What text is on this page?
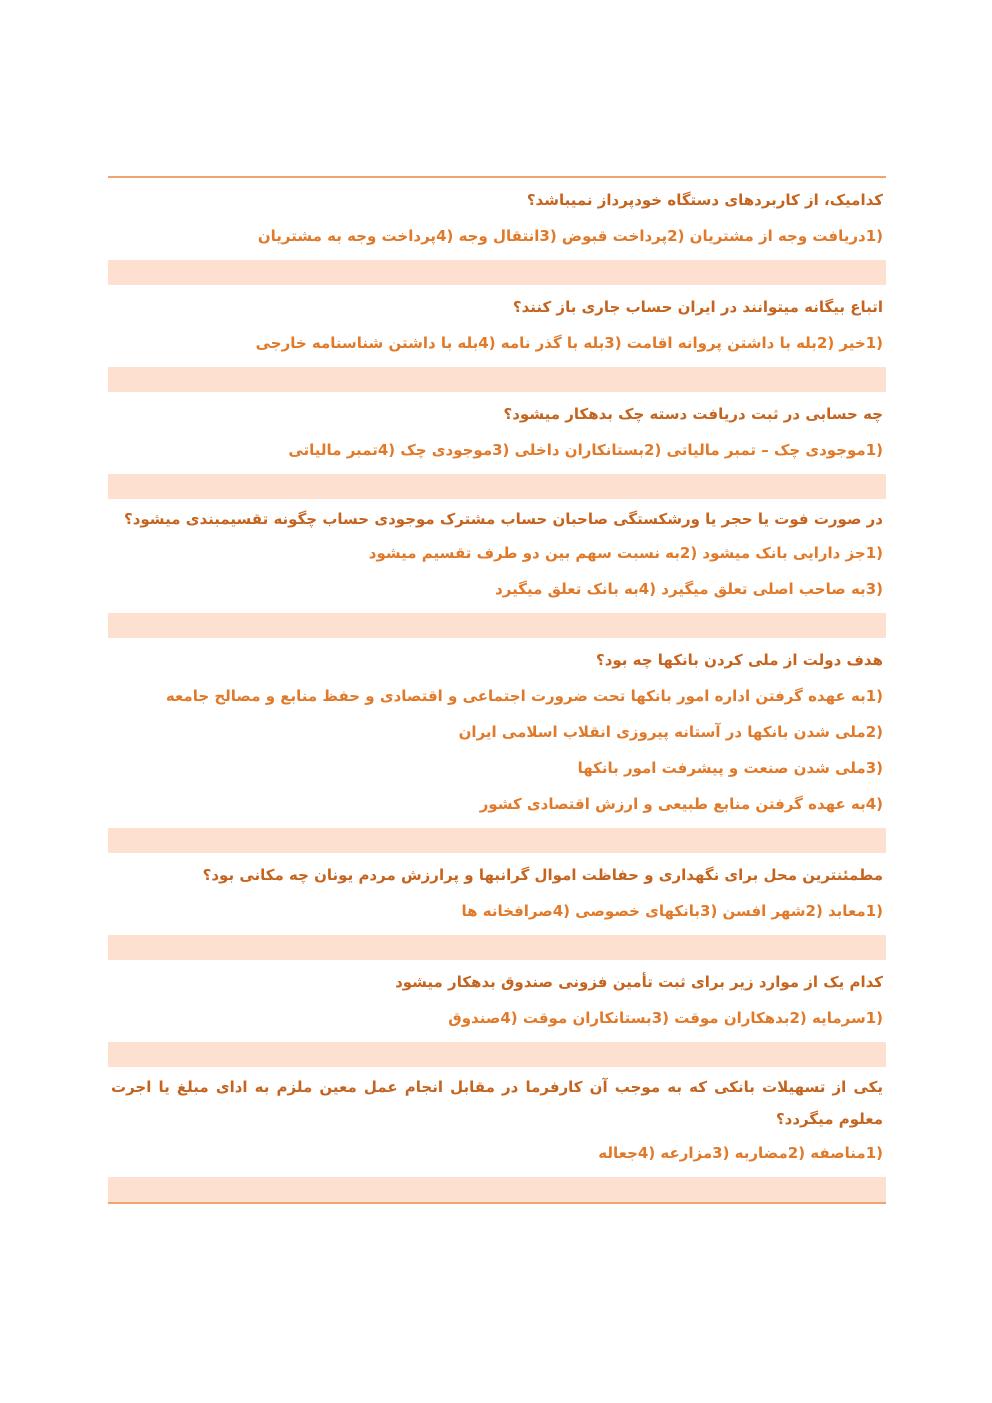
کدامیک، از کاربردهای دستگاه خودپرداز نمیباشد؟

(1دریافت وجه از مشتریان (2پرداخت قبوض (3انتقال وجه (4پرداخت وجه به مشتریان

اتباع بیگانه میتوانند در ایران حساب جاری باز کنند؟

(1خیر (2بله با داشتن پروانه اقامت (3بله با گذر نامه (4بله با داشتن شناسنامه خارجی

چه حسابی در ثبت دریافت دسته چک بدهکار میشود؟

(1موجودی چک – تمبر مالیاتی (2بستانکاران داخلی (3موجودی چک (4تمبر مالیاتی

در صورت فوت یا حجر یا ورشکستگی صاحبان حساب مشترک موجودی حساب چگونه تقسیمبندی میشود؟

(1جز دارایی بانک میشود (2به نسبت سهم بین دو طرف تقسیم میشود

(3به صاحب اصلی تعلق میگیرد (4به بانک تعلق میگیرد

هدف دولت از ملی کردن بانکها چه بود؟

(1به عهده گرفتن اداره امور بانکها تحت ضرورت اجتماعی و اقتصادی و حفظ منابع و مصالح جامعه

(2ملی شدن بانکها در آستانه پیروزی انقلاب اسلامی ایران

(3ملی شدن صنعت و پیشرفت امور بانکها

(4به عهده گرفتن منابع طبیعی و ارزش اقتصادی کشور

مطمئنترین محل برای نگهداری و حفاظت اموال گرانبها و پرارزش مردم یونان چه مکانی بود؟

(1معابد (2شهر افسن (3بانکهای خصوصی (4صرافخانه ها

کدام یک از موارد زیر برای ثبت تأمین فزونی صندوق بدهکار میشود

(1سرمایه (2بدهکاران موقت (3بستانکاران موقت (4صندوق

یکی از تسهیلات بانکی که به موجب آن کارفرما در مقابل انجام عمل معین ملزم به ادای مبلغ یا اجرت معلوم میگردد؟

(1مناصفه (2مضاربه (3مزارعه (4جعاله
